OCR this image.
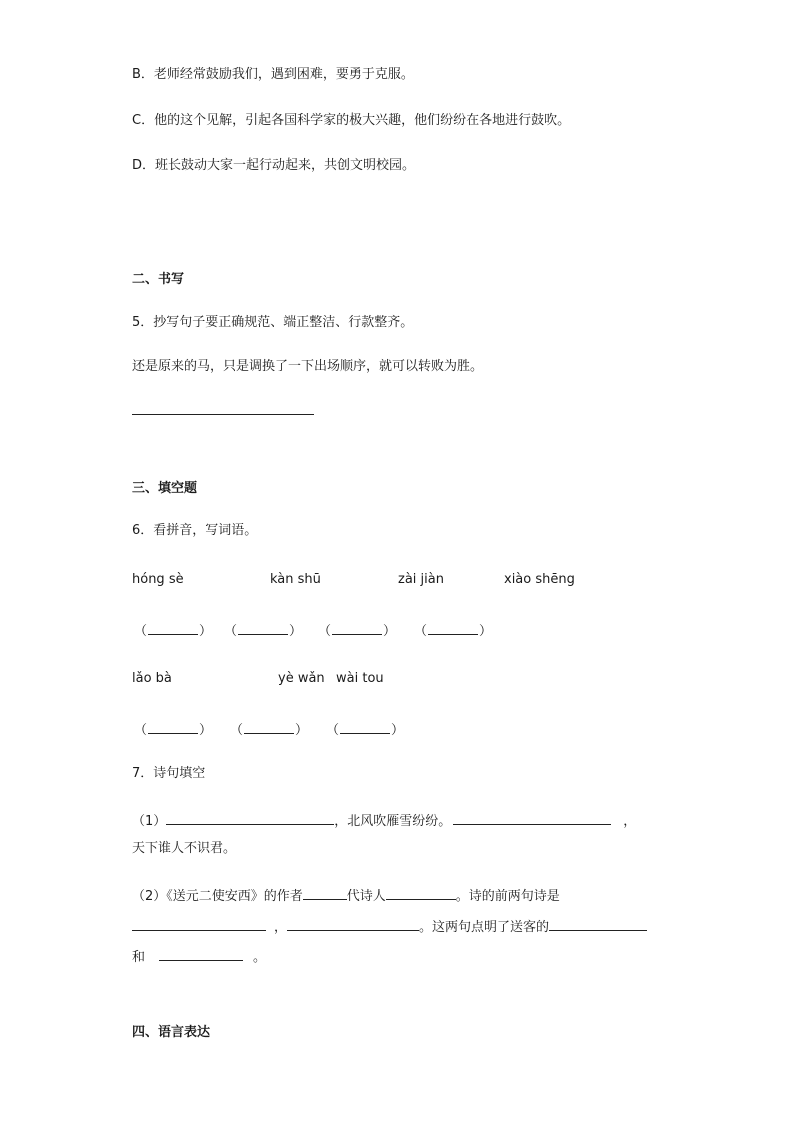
B．老师经常鼓励我们，遇到困难，要勇于克服。
C．他的这个见解，引起各国科学家的极大兴趣，他们纷纷在各地进行鼓吹。
D．班长鼓动大家一起行动起来，共创文明校园。
二、书写
5．抄写句子要正确规范、端正整洁、行款整齐。
还是原来的马，只是调换了一下出场顺序，就可以转败为胜。
三、填空题
6．看拼音，写词语。
hóng sè	kàn shū	zài jiàn	xiào shēng
（	） （	） （	） （	）
lǎo bà	yè wǎn wài tou
（	） （	） （	）
7．诗句填空
（1）	，北风吹雁雪纷纷。	，
天下谁人不识君。
（2）《送元二使安西》的作者	代诗人	。诗的前两句诗是
，	。这两句点明了送客的
和	。
四、语言表达
